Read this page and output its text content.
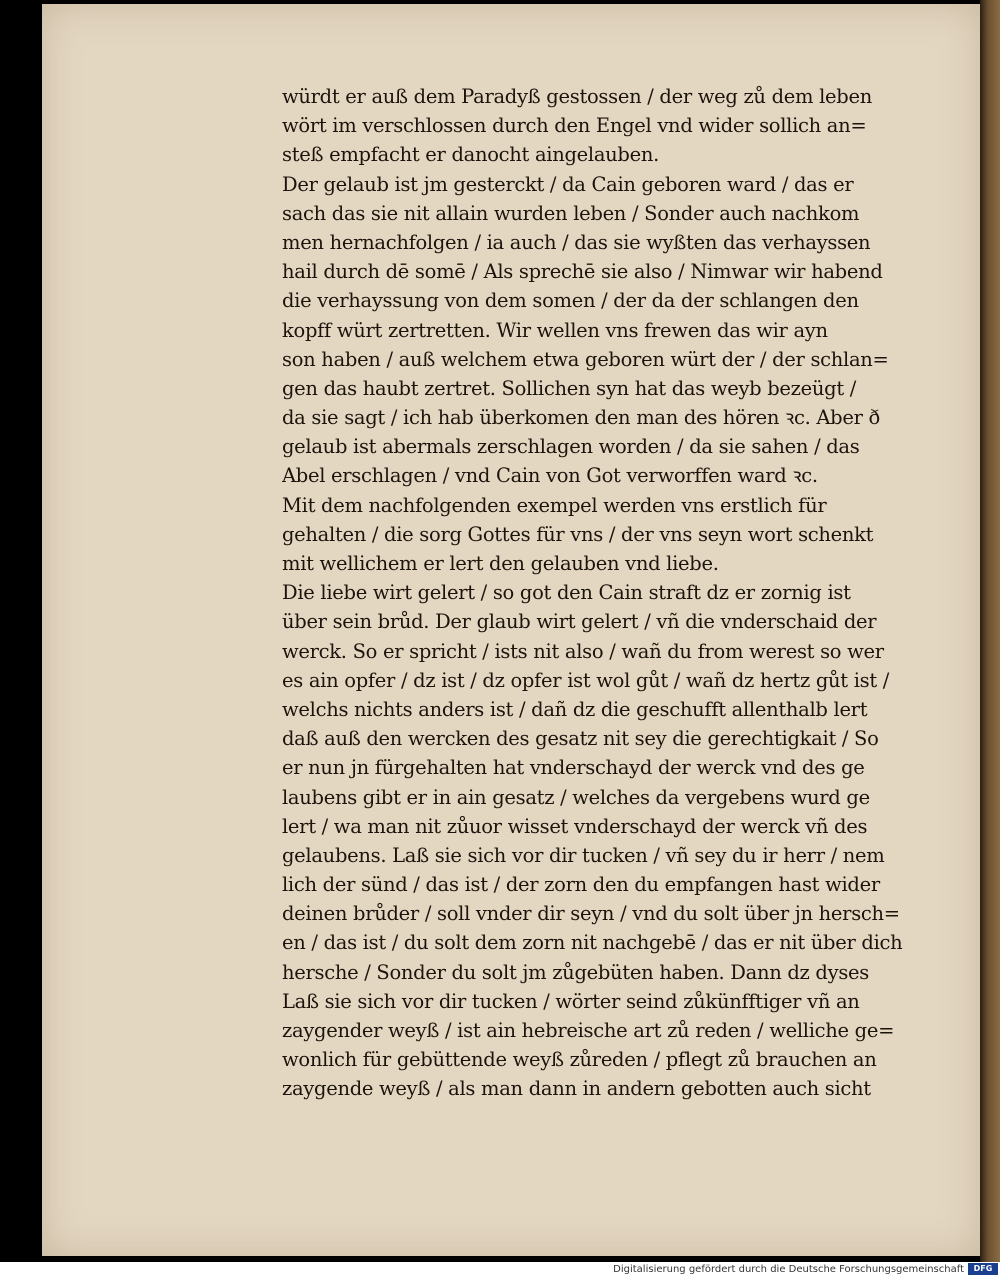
würdt er auß dem Paradyß gestossen / der weg zů dem leben
wört im verschlossen durch den Engel vnd wider sollich an=
steß empfacht er danocht aingelauben.
Der gelaub ist jm gesterckt / da Cain geboren ward / das er
sach das sie nit allain wurden leben / Sonder auch nachkom
men hernachfolgen / ia auch / das sie wyßten das verhayssen
hail durch dē somē / Als sprechē sie also / Nimwar wir habend
die verhayssung von dem somen / der da der schlangen den
kopff würt zertretten. Wir wellen vns frewen das wir ayn
son haben / auß welchem etwa geboren würt der / der schlan=
gen das haubt zertret. Sollichen syn hat das weyb bezeügt /
da sie sagt / ich hab überkomen den man des hören ꝛc. Aber ð
gelaub ist abermals zerschlagen worden / da sie sahen / das
Abel erschlagen / vnd Cain von Got verworffen ward ꝛc.
Mit dem nachfolgenden exempel werden vns erstlich für
gehalten / die sorg Gottes für vns / der vns seyn wort schenkt
mit wellichem er lert den gelauben vnd liebe.
Die liebe wirt gelert / so got den Cain straft dz er zornig ist
über sein brůd. Der glaub wirt gelert / vñ die vnderschaid der
werck. So er spricht / ists nit also / wañ du from werest so wer
es ain opfer / dz ist / dz opfer ist wol gůt / wañ dz hertz gůt ist /
welchs nichts anders ist / dañ dz die geschufft allenthalb lert
daß auß den wercken des gesatz nit sey die gerechtigkait / So
er nun jn fürgehalten hat vnderschayd der werck vnd des ge
laubens gibt er in ain gesatz / welches da vergebens wurd ge
lert / wa man nit zůuor wisset vnderschayd der werck vñ des
gelaubens. Laß sie sich vor dir tucken / vñ sey du ir herr / nem
lich der sünd / das ist / der zorn den du empfangen hast wider
deinen brůder / soll vnder dir seyn / vnd du solt über jn hersch=
en / das ist / du solt dem zorn nit nachgebē / das er nit über dich
hersche / Sonder du solt jm zůgebüten haben. Dann dz dyses
Laß sie sich vor dir tucken / wörter seind zůkünfftiger vñ an
zaygender weyß / ist ain hebreische art zů reden / welliche ge=
wonlich für gebüttende weyß zůreden / pflegt zů brauchen an
zaygende weyß / als man dann in andern gebotten auch sicht
Digitalisierung gefördert durch die Deutsche Forschungsgemeinschaft	DFG
